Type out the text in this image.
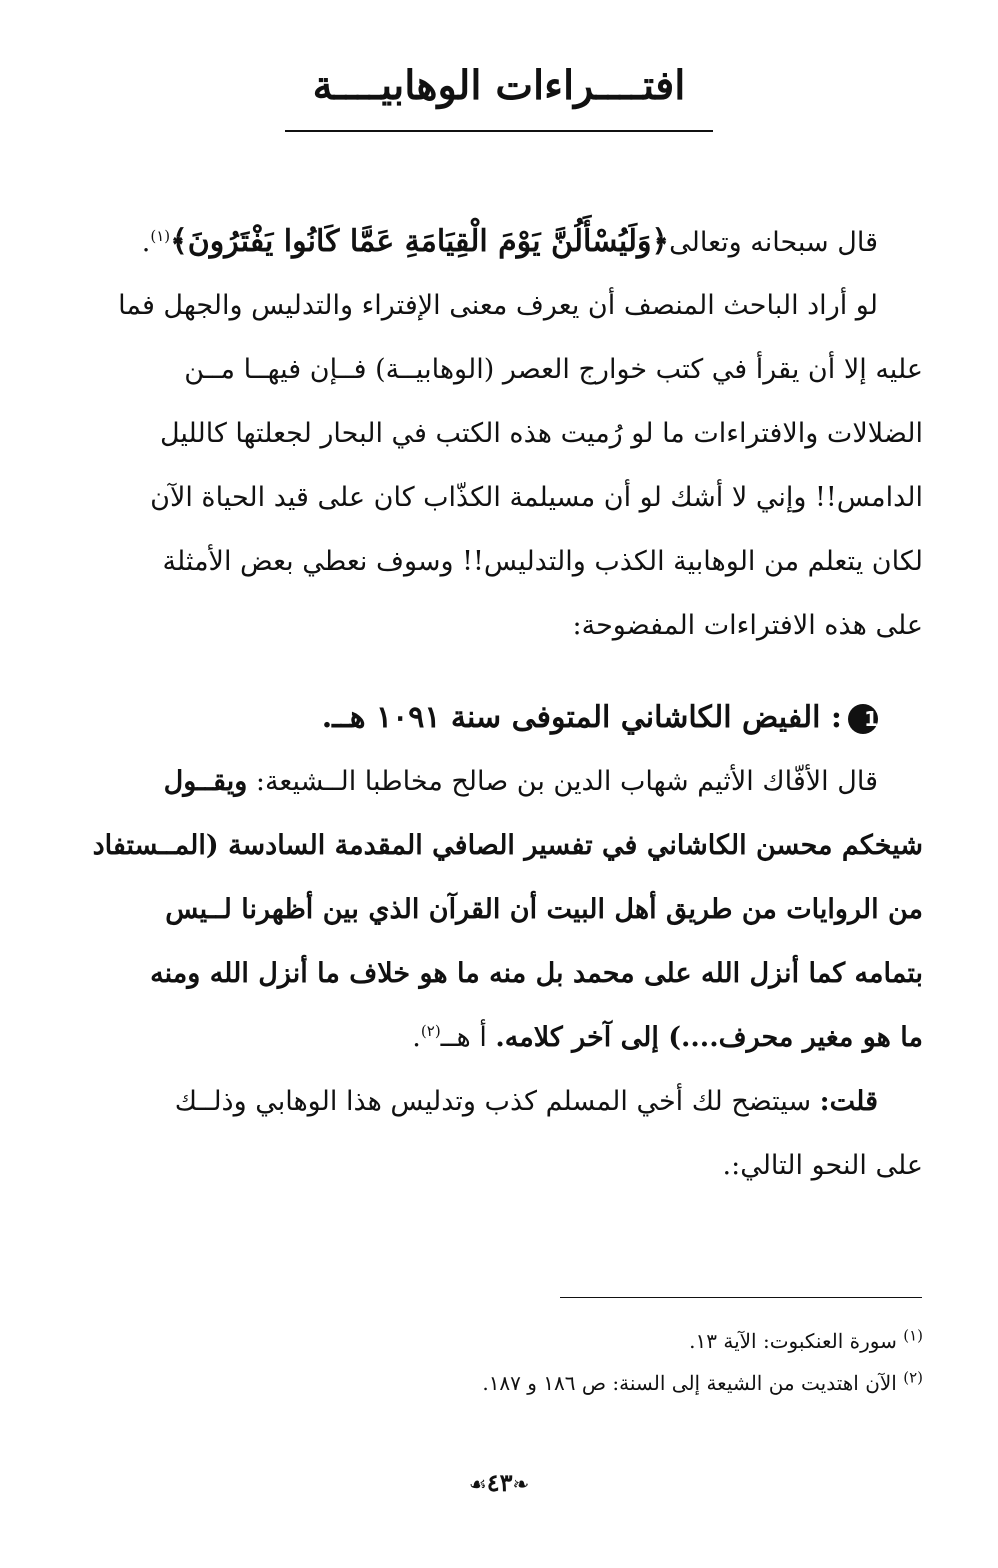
افتــــراءات الوهابيــــة
قال سبحانه وتعالى﴿وَلَيُسْأَلُنَّ يَوْمَ الْقِيَامَةِ عَمَّا كَانُوا يَفْتَرُونَ﴾$^{(١)}$.
لو أراد الباحث المنصف أن يعرف معنى الإفتراء والتدليس والجهل فما
عليه إلا أن يقرأ في كتب خوارج العصر (الوهابيــة) فــإن فيهــا مــن
الضلالات والافتراءات ما لو رُميت هذه الكتب في البحار لجعلتها كالليل
الدامس!! وإني لا أشك لو أن مسيلمة الكذّاب كان على قيد الحياة الآن
لكان يتعلم من الوهابية الكذب والتدليس!! وسوف نعطي بعض الأمثلة
على هذه الافتراءات المفضوحة:
1: الفيض الكاشاني المتوفى سنة ١٠٩١ هــ.
قال الأفّاك الأثيم شهاب الدين بن صالح مخاطبا الــشيعة: ويقــول
شيخكم محسن الكاشاني في تفسير الصافي المقدمة السادسة (المــستفاد
من الروايات من طريق أهل البيت أن القرآن الذي بين أظهرنا لــيس
بتمامه كما أنزل الله على محمد بل منه ما هو خلاف ما أنزل الله ومنه
ما هو مغير محرف....) إلى آخر كلامه. أ هــ$^{(٢)}$.
قلت: سيتضح لك أخي المسلم كذب وتدليس هذا الوهابي وذلــك
على النحو التالي:.
$^{(١)}$ سورة العنكبوت: الآية ١٣.
$^{(٢)}$ الآن اهتديت من الشيعة إلى السنة: ص ١٨٦ و ١٨٧.
❧٤٣☙
